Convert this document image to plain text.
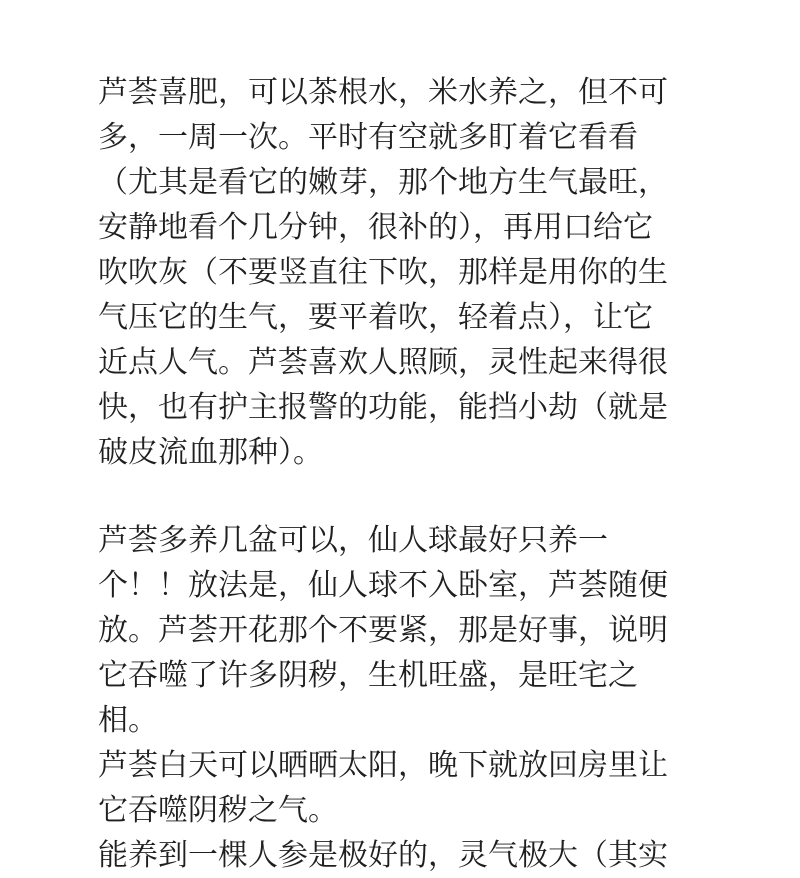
芦荟喜肥，可以茶根水，米水养之，但不可
多，一周一次。平时有空就多盯着它看看
（尤其是看它的嫩芽，那个地方生气最旺，
安静地看个几分钟，很补的），再用口给它
吹吹灰（不要竖直往下吹，那样是用你的生
气压它的生气，要平着吹，轻着点），让它
近点人气。芦荟喜欢人照顾，灵性起来得很
快，也有护主报警的功能，能挡小劫（就是
破皮流血那种）。
芦荟多养几盆可以，仙人球最好只养一
个！！放法是，仙人球不入卧室，芦荟随便
放。芦荟开花那个不要紧，那是好事，说明
它吞噬了许多阴秽，生机旺盛，是旺宅之
相。
芦荟白天可以晒晒太阳，晚下就放回房里让
它吞噬阴秽之气。
能养到一棵人参是极好的，灵气极大（其实
